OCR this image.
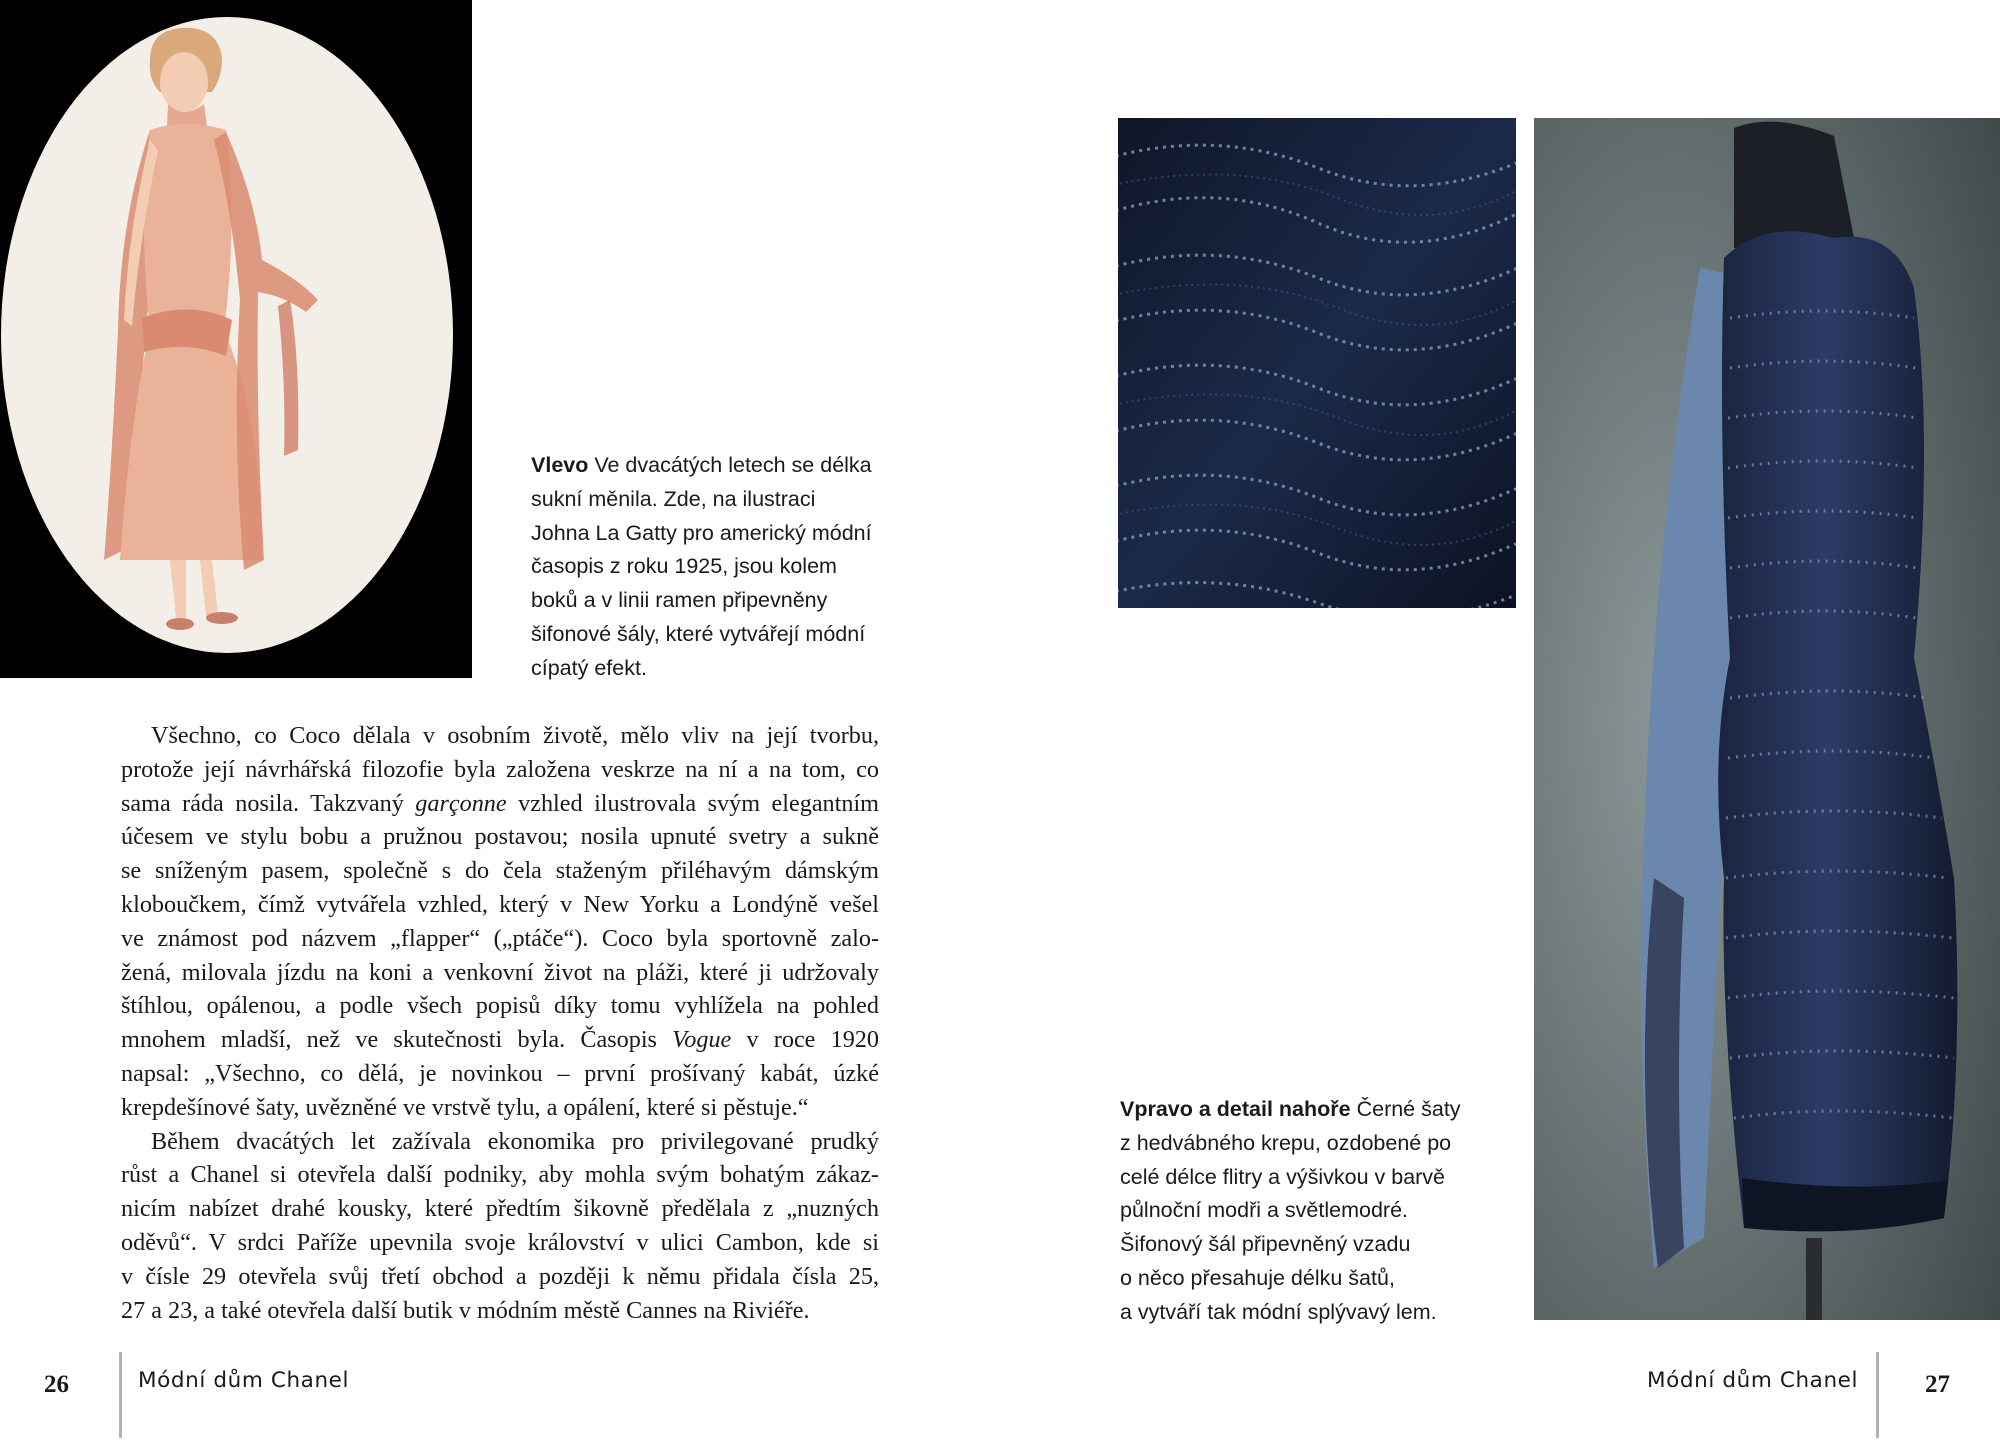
Vlevo Ve dvacátých letech se délka

sukní měnila. Zde, na ilustraci

Johna La Gatty pro americký módní

časopis z roku 1925, jsou kolem

boků a v linii ramen připevněny

šifonové šály, které vytvářejí módní

cípatý efekt.

Všechno, co Coco dělala v osobním životě, mělo vliv na její tvorbu,
protože její návrhářská filozofie byla založena veskrze na ní a na tom, co
sama ráda nosila. Takzvaný garçonne vzhled ilustrovala svým elegantním
účesem ve stylu bobu a pružnou postavou; nosila upnuté svetry a sukně
se sníženým pasem, společně s do čela staženým přiléhavým dámským
kloboučkem, čímž vytvářela vzhled, který v New Yorku a Londýně vešel
ve známost pod názvem „flapper“ („ptáče“). Coco byla sportovně zalo-
žená, milovala jízdu na koni a venkovní život na pláži, které ji udržovaly
štíhlou, opálenou, a podle všech popisů díky tomu vyhlížela na pohled
mnohem mladší, než ve skutečnosti byla. Časopis Vogue v roce 1920
napsal: „Všechno, co dělá, je novinkou – první prošívaný kabát, úzké
krepdešínové šaty, uvězněné ve vrstvě tylu, a opálení, které si pěstuje.“
Během dvacátých let zažívala ekonomika pro privilegované prudký
růst a Chanel si otevřela další podniky, aby mohla svým bohatým zákaz-
nicím nabízet drahé kousky, které předtím šikovně předělala z „nuzných
oděvů“. V srdci Paříže upevnila svoje království v ulici Cambon, kde si
v čísle 29 otevřela svůj třetí obchod a později k němu přidala čísla 25,
27 a 23, a také otevřela další butik v módním městě Cannes na Riviéře.

Vpravo a detail nahoře Černé šaty

z hedvábného krepu, ozdobené po

celé délce flitry a výšivkou v barvě

půlnoční modři a světlemodré.

Šifonový šál připevněný vzadu

o něco přesahuje délku šatů,

a vytváří tak módní splývavý lem.

26	Módní dům Chanel	Módní dům Chanel	27
